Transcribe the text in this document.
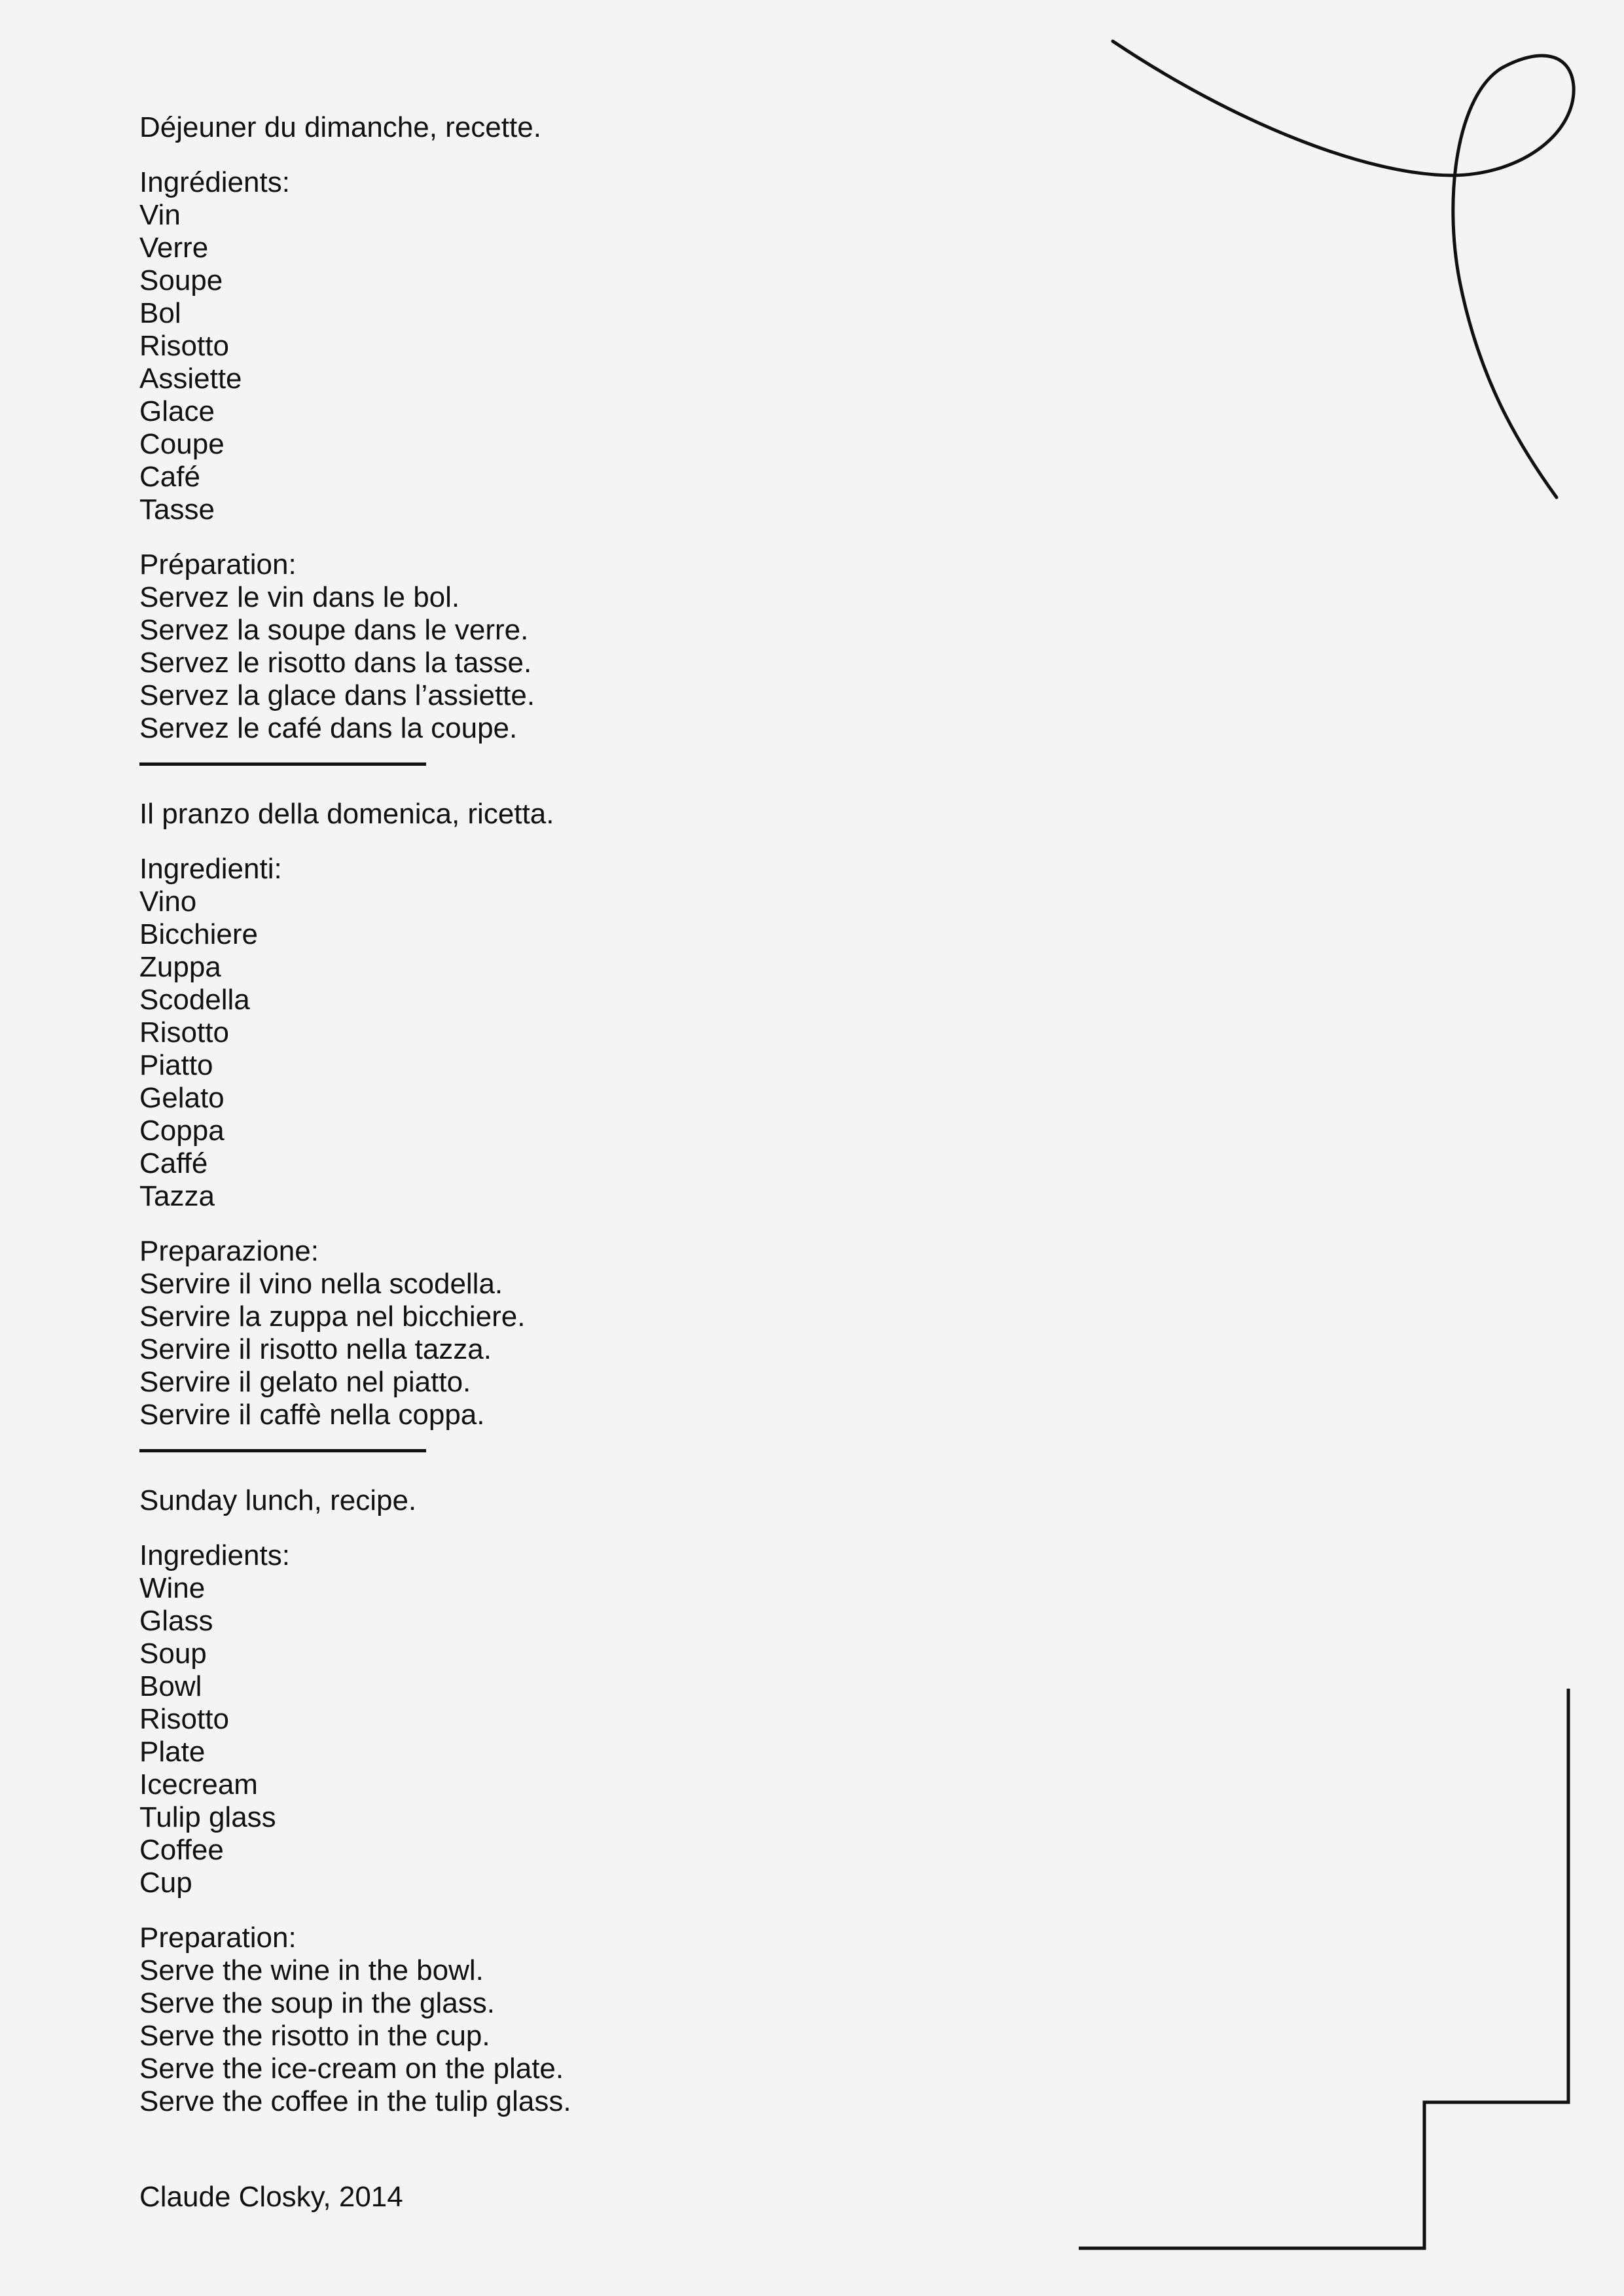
Déjeuner du dimanche, recette.
Ingrédients:
Vin
Verre
Soupe
Bol
Risotto
Assiette
Glace
Coupe
Café
Tasse
Préparation:
Servez le vin dans le bol.
Servez la soupe dans le verre.
Servez le risotto dans la tasse.
Servez la glace dans l’assiette.
Servez le café dans la coupe.
Il pranzo della domenica, ricetta.
Ingredienti:
Vino
Bicchiere
Zuppa
Scodella
Risotto
Piatto
Gelato
Coppa
Caffé
Tazza
Preparazione:
Servire il vino nella scodella.
Servire la zuppa nel bicchiere.
Servire il risotto nella tazza.
Servire il gelato nel piatto.
Servire il caffè nella coppa.
Sunday lunch, recipe.
Ingredients:
Wine
Glass
Soup
Bowl
Risotto
Plate
Icecream
Tulip glass
Coffee
Cup
Preparation:
Serve the wine in the bowl.
Serve the soup in the glass.
Serve the risotto in the cup.
Serve the ice-cream on the plate.
Serve the coffee in the tulip glass.
Claude Closky, 2014
